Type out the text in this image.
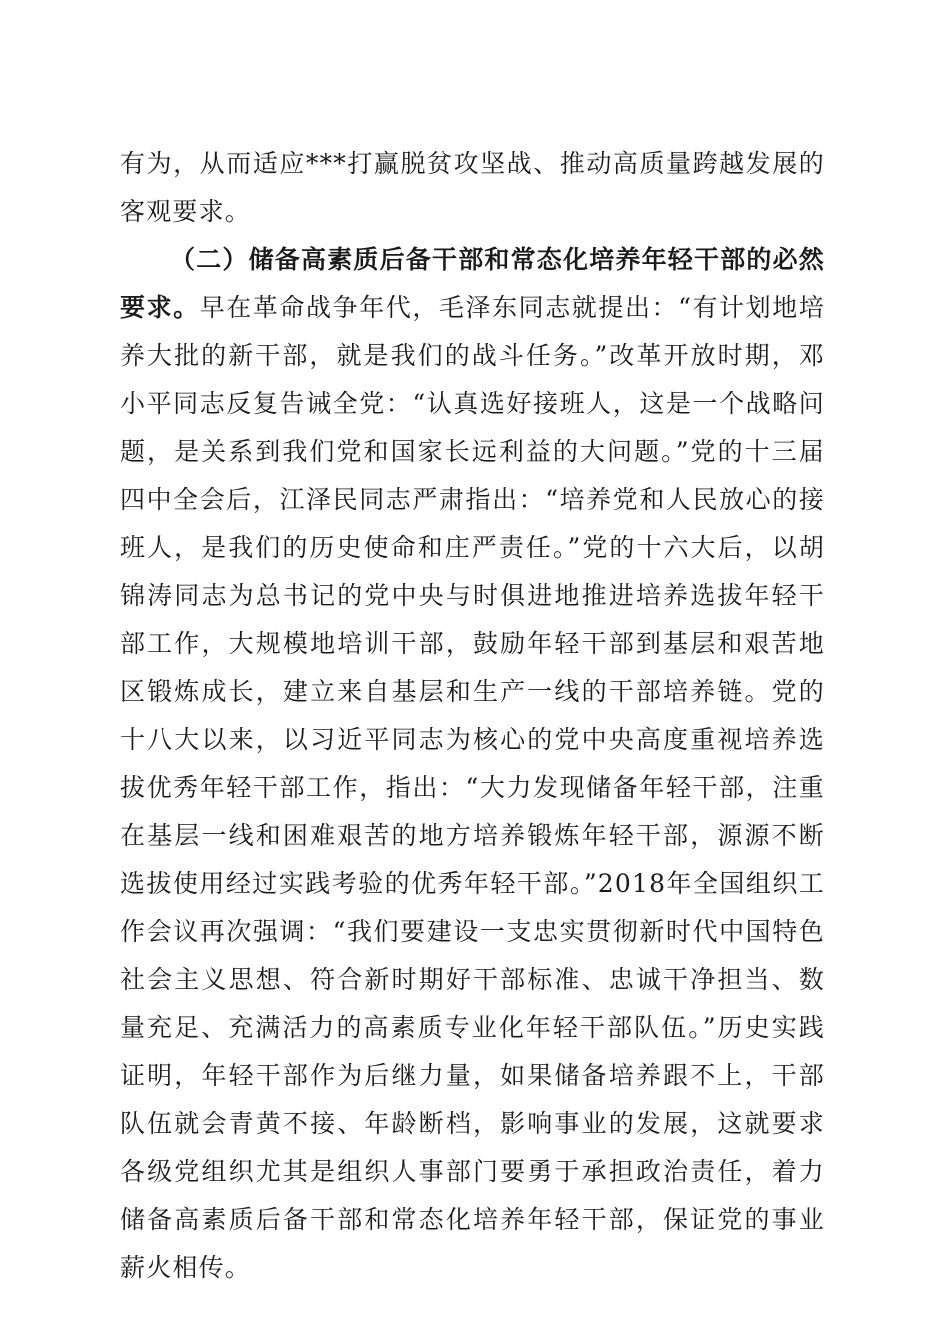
有为，从而适应***打赢脱贫攻坚战、推动高质量跨越发展的客观要求。

（二）储备高素质后备干部和常态化培养年轻干部的必然要求。早在革命战争年代，毛泽东同志就提出：“有计划地培养大批的新干部，就是我们的战斗任务。”改革开放时期，邓小平同志反复告诫全党：“认真选好接班人，这是一个战略问题，是关系到我们党和国家长远利益的大问题。”党的十三届四中全会后，江泽民同志严肃指出：“培养党和人民放心的接班人，是我们的历史使命和庄严责任。”党的十六大后，以胡锦涛同志为总书记的党中央与时俱进地推进培养选拔年轻干部工作，大规模地培训干部，鼓励年轻干部到基层和艰苦地区锻炼成长，建立来自基层和生产一线的干部培养链。党的十八大以来，以习近平同志为核心的党中央高度重视培养选拔优秀年轻干部工作，指出：“大力发现储备年轻干部，注重在基层一线和困难艰苦的地方培养锻炼年轻干部，源源不断选拔使用经过实践考验的优秀年轻干部。”2018年全国组织工作会议再次强调：“我们要建设一支忠实贯彻新时代中国特色社会主义思想、符合新时期好干部标准、忠诚干净担当、数量充足、充满活力的高素质专业化年轻干部队伍。”历史实践证明，年轻干部作为后继力量，如果储备培养跟不上，干部队伍就会青黄不接、年龄断档，影响事业的发展，这就要求各级党组织尤其是组织人事部门要勇于承担政治责任，着力储备高素质后备干部和常态化培养年轻干部，保证党的事业薪火相传。
